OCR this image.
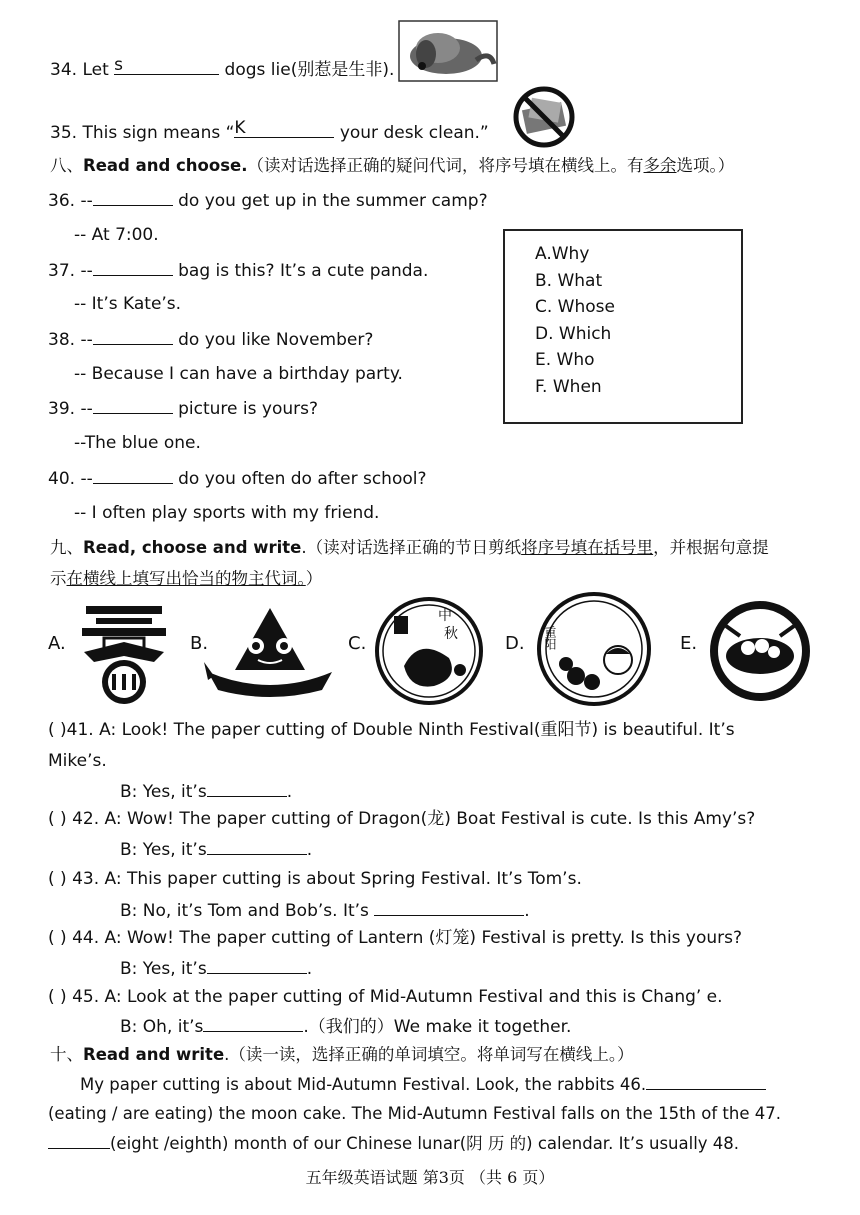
34. Let s	dogs lie(别惹是生非).
35. This sign means “ K	your desk clean.”
八、Read and choose.（读对话选择正确的疑问代词，将序号填在横线上。有多余选项。）
36. --	do you get up in the summer camp?
-- At 7:00.
37. --	bag is this? It’s a cute panda.
-- It’s Kate’s.
38. --	do you like November?
-- Because I can have a birthday party.
39. --	picture is yours?
--The blue one.
40. --	do you often do after school?
-- I often play sports with my friend.
A.Why
B. What
C. Whose
D. Which
E. Who
F. When
九、Read, choose and write.（读对话选择正确的节日剪纸将序号填在括号里，并根据句意提
示在横线上填写出恰当的物主代词。）
A.	B.	C.
中
秋	D. 重阳	E.
( )41. A: Look! The paper cutting of Double Ninth Festival(重阳节) is beautiful. It’s
Mike’s.
B: Yes, it’s	.
( ) 42. A: Wow! The paper cutting of Dragon(龙) Boat Festival is cute. Is this Amy’s?
B: Yes, it’s	.
( ) 43. A: This paper cutting is about Spring Festival. It’s Tom’s.
B: No, it’s Tom and Bob’s. It’s	.
( ) 44. A: Wow! The paper cutting of Lantern (灯笼) Festival is pretty. Is this yours?
B: Yes, it’s	.
( ) 45. A: Look at the paper cutting of Mid-Autumn Festival and this is Chang’ e.
B: Oh, it’s	.（我们的）We make it together.
十、Read and write.（读一读，选择正确的单词填空。将单词写在横线上。）
My paper cutting is about Mid-Autumn Festival. Look, the rabbits 46.
(eating / are eating) the moon cake. The Mid-Autumn Festival falls on the 15th of the 47.
(eight /eighth) month of our Chinese lunar(阴 历 的) calendar. It’s usually 48.
五年级英语试题 第3页 （共 6 页）
